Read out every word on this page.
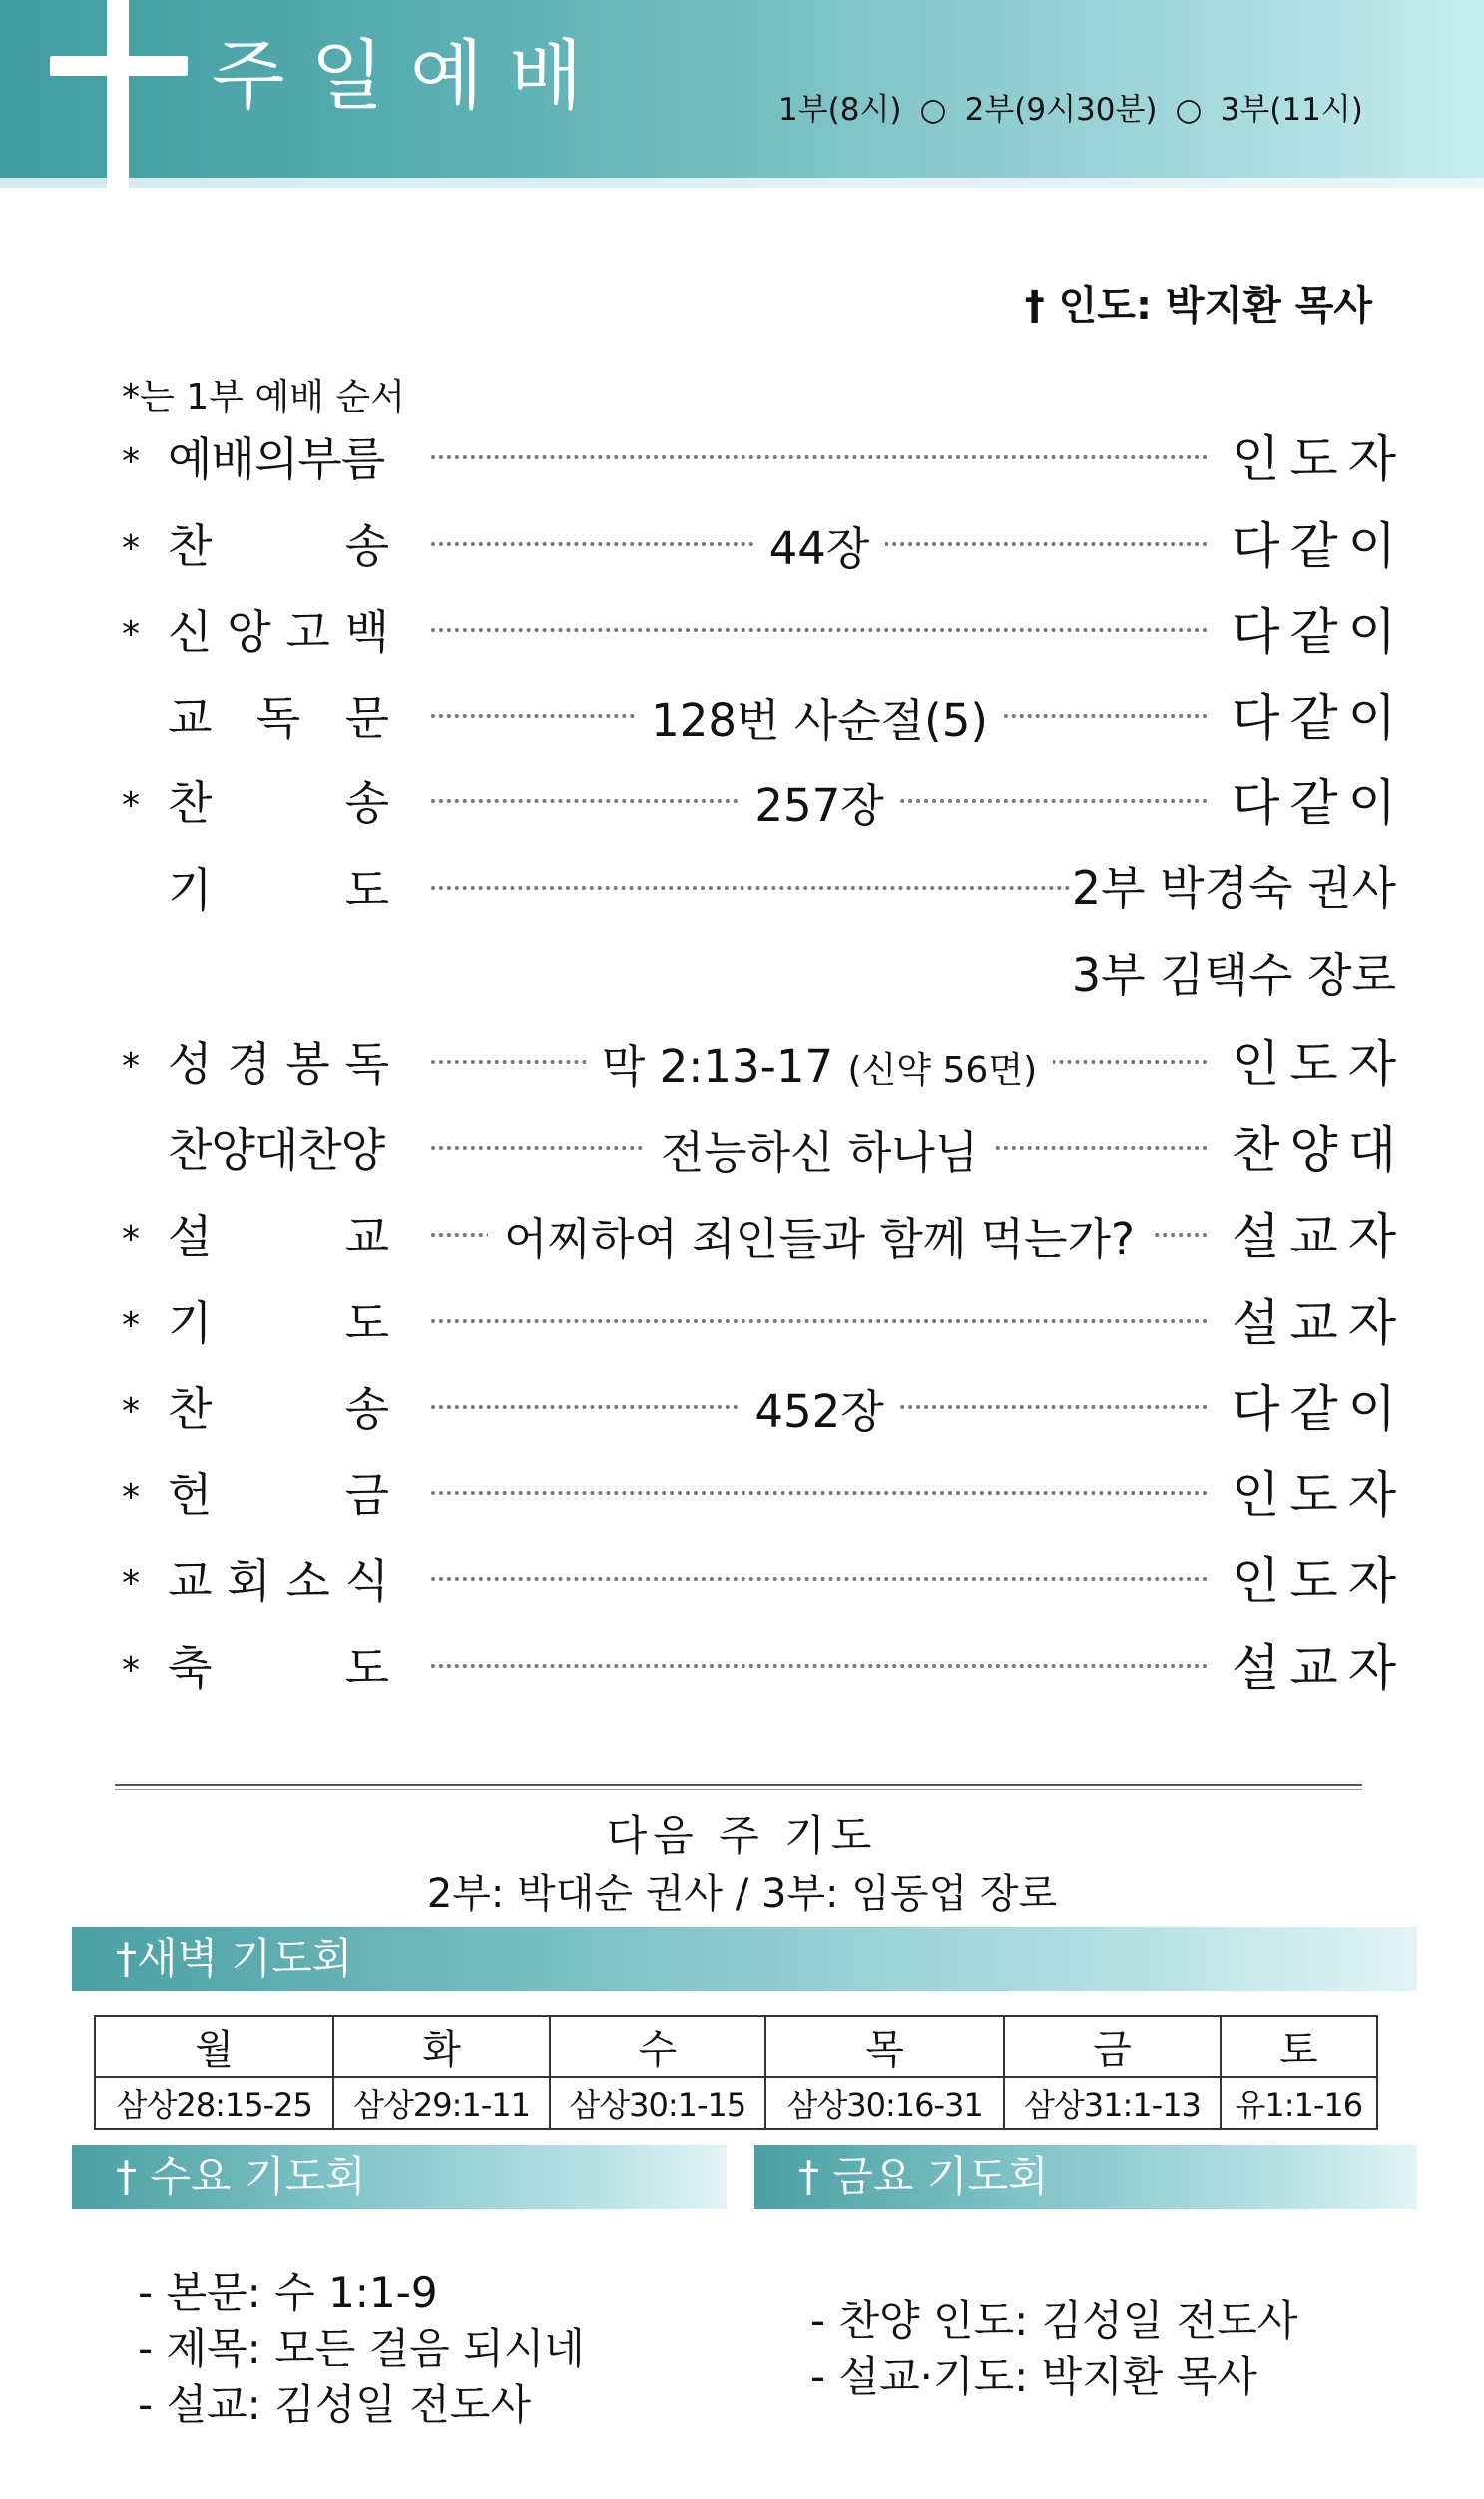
주일예배	1부(8시) ○ 2부(9시30분) ○ 3부(11시)
† 인도: 박지환 목사
*는 1부 예배 순서
* 예배의부름	인도자
* 찬	송	44장	다같이
* 신 앙 고 백	다같이
교 독 문	128번 사순절(5)	다같이
* 찬	송	257장	다같이
기	도	2부 박경숙 권사
3부 김택수 장로
* 성 경 봉 독	막 2:13-17 (신약 56면)	인도자
찬양대찬양	전능하신 하나님	찬양대
* 설	교	어찌하여 죄인들과 함께 먹는가?	설교자
* 기	도	설교자
* 찬	송	452장	다같이
* 헌	금	인도자
* 교 회 소 식	인도자
* 축	도	설교자
다음 주 기도
2부: 박대순 권사 / 3부: 임동업 장로
†새벽 기도회
월	화	수	목	금	토
삼상28:15-25	삼상29:1-11	삼상30:1-15	삼상30:16-31	삼상31:1-13	유1:1-16
† 수요 기도회	† 금요 기도회
- 본문: 수 1:1-9
- 제목: 모든 걸음 되시네
- 설교: 김성일 전도사
- 찬양 인도: 김성일 전도사
- 설교·기도: 박지환 목사
